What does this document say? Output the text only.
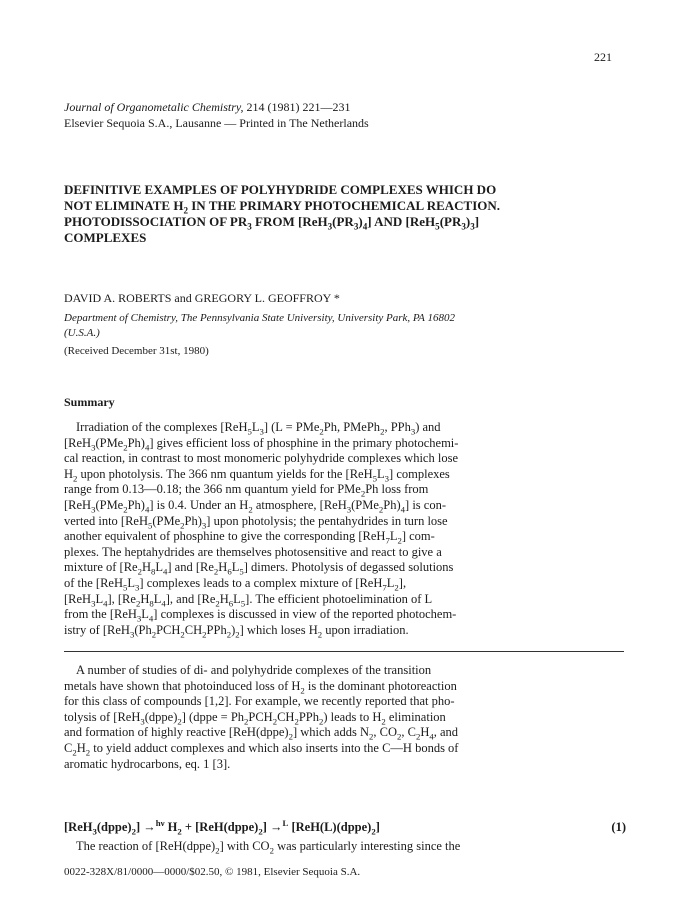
221
Journal of Organometalic Chemistry, 214 (1981) 221—231
Elsevier Sequoia S.A., Lausanne — Printed in The Netherlands
DEFINITIVE EXAMPLES OF POLYHYDRIDE COMPLEXES WHICH DO
NOT ELIMINATE $H_2$ IN THE PRIMARY PHOTOCHEMICAL REACTION.
PHOTODISSOCIATION OF $PR_3$ FROM $[ReH_3(PR_3)_4]$ AND $[ReH_5(PR_3)_3]$
COMPLEXES
DAVID A. ROBERTS and GREGORY L. GEOFFROY *
Department of Chemistry, The Pennsylvania State University, University Park, PA 16802
(U.S.A.)
(Received December 31st, 1980)
Summary

Irradiation of the complexes $[ReH_5L_3] (L = PMe_2Ph$, PMePh$_2$, PPh$_3$) and

$[ReH_3(PMe_2Ph)_4]$ gives efficient loss of phosphine in the primary photochemi-

cal reaction, in contrast to most monomeric polyhydride complexes which lose

$H_2$ upon photolysis. The 366 nm quantum yields for the $[ReH_5L_3]$ complexes

range from 0.13—0.18; the 366 nm quantum yield for PMe$_2$Ph loss from

$[ReH_3(PMe_2Ph)_4]$ is 0.4. Under an $H_2$ atmosphere, $[ReH_3(PMe_2Ph)_4]$ is con-

verted into $[ReH_5(PMe_2Ph)_3]$ upon photolysis; the pentahydrides in turn lose

another equivalent of phosphine to give the corresponding $[ReH_7L_2]$ com-

plexes. The heptahydrides are themselves photosensitive and react to give a

mixture of $[Re_2H_8L_4]$ and $[Re_2H_6L_5]$ dimers. Photolysis of degassed solutions

of the $[ReH_5L_3]$ complexes leads to a complex mixture of $[ReH_7L_2]$,

$[ReH_3L_4]$, $[Re_2H_8L_4]$, and $[Re_2H_6L_5]$. The efficient photoelimination of L

from the $[ReH_3L_4]$ complexes is discussed in view of the reported photochem-

istry of $[ReH_3(Ph_2PCH_2CH_2PPh_2)_2]$ which loses $H_2$ upon irradiation.

A number of studies of di- and polyhydride complexes of the transition

metals have shown that photoinduced loss of $H_2$ is the dominant photoreaction

for this class of compounds [1,2]. For example, we recently reported that pho-

tolysis of $[ReH_3(dppe)_2]$ (dppe = $Ph_2PCH_2CH_2PPh_2$) leads to $H_2$ elimination

and formation of highly reactive $[ReH(dppe)_2]$ which adds $N_2$, $CO_2$, $C_2H_4$, and

$C_2H_2$ to yield adduct complexes and which also inserts into the C—H bonds of

aromatic hydrocarbons, eq. 1 [3].

$[ReH_3(dppe)_2] \to^{h\nu}$ $H_2$ + $[ReH(dppe)_2] \to^L$ $[ReH(L)(dppe)_2]$	(1)

The reaction of $[ReH(dppe)_2]$ with $CO_2$ was particularly interesting since the

0022-328X/81/0000—0000/$02.50, © 1981, Elsevier Sequoia S.A.
